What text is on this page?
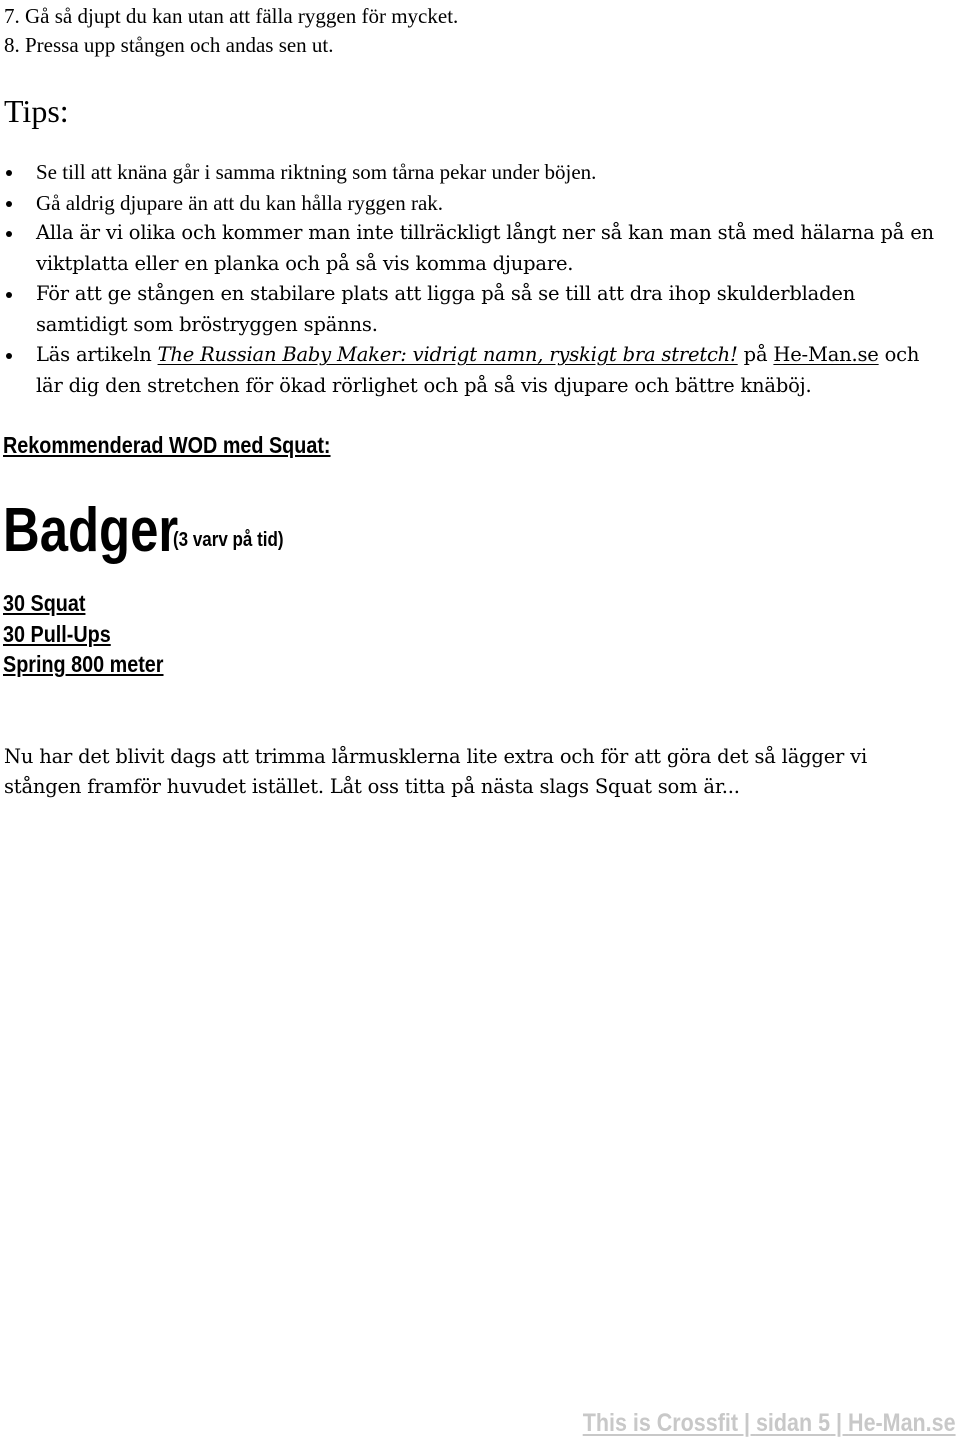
7. Gå så djupt du kan utan att fälla ryggen för mycket.
8. Pressa upp stången och andas sen ut.
Tips:
Se till att knäna går i samma riktning som tårna pekar under böjen.
Gå aldrig djupare än att du kan hålla ryggen rak.
Alla är vi olika och kommer man inte tillräckligt långt ner så kan man stå med hälarna på en viktplatta eller en planka och på så vis komma djupare.
För att ge stången en stabilare plats att ligga på så se till att dra ihop skulderbladen samtidigt som bröstryggen spänns.
Läs artikeln The Russian Baby Maker: vidrigt namn, ryskigt bra stretch! på He-Man.se och lär dig den stretchen för ökad rörlighet och på så vis djupare och bättre knäböj.
Rekommenderad WOD med Squat:
Badger
(3 varv på tid)
30 Squat
30 Pull-Ups
Spring 800 meter

Nu har det blivit dags att trimma lårmusklerna lite extra och för att göra det så lägger vi stången framför huvudet istället. Låt oss titta på nästa slags Squat som är...

This is Crossfit | sidan 5 | He-Man.se
